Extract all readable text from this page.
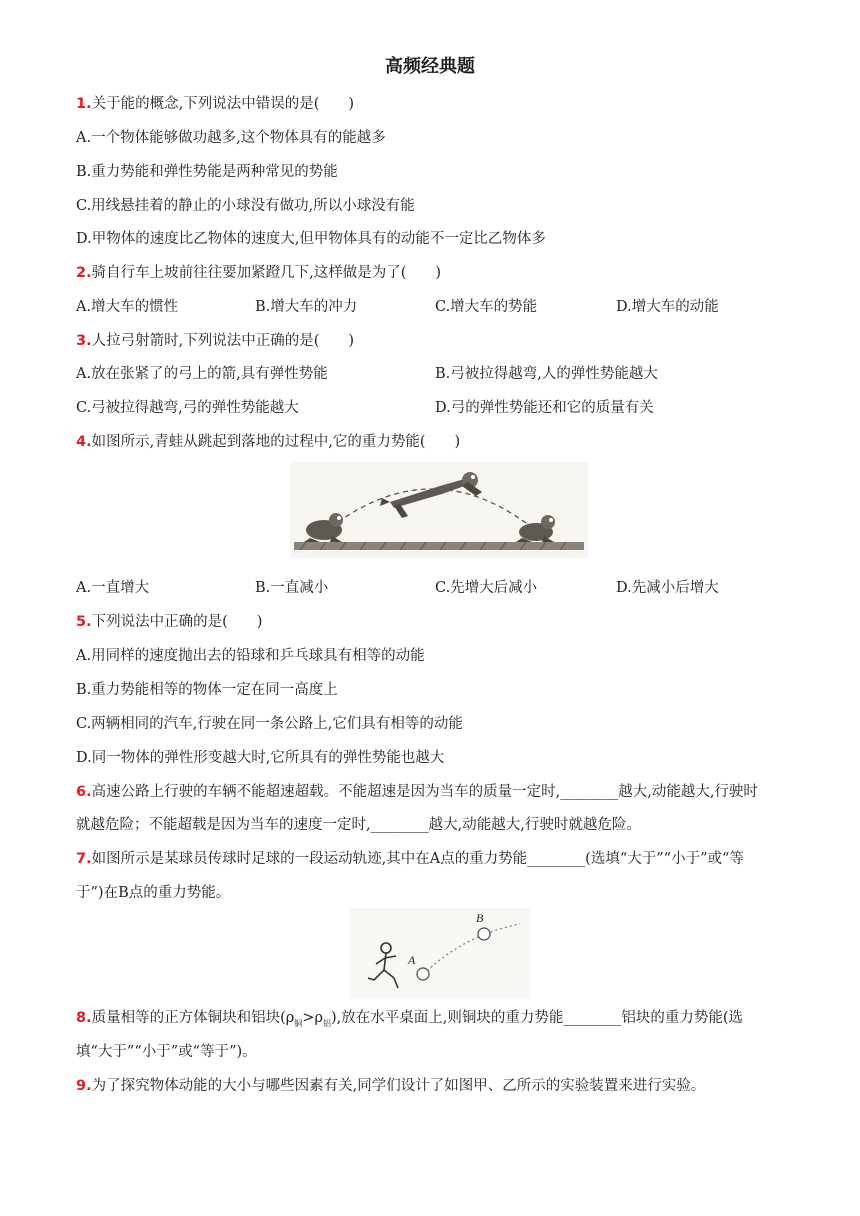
高频经典题
1.关于能的概念,下列说法中错误的是(　　)
A.一个物体能够做功越多,这个物体具有的能越多
B.重力势能和弹性势能是两种常见的势能
C.用线悬挂着的静止的小球没有做功,所以小球没有能
D.甲物体的速度比乙物体的速度大,但甲物体具有的动能不一定比乙物体多
2.骑自行车上坡前往往要加紧蹬几下,这样做是为了(　　)
A.增大车的惯性	B.增大车的冲力	C.增大车的势能	D.增大车的动能
3.人拉弓射箭时,下列说法中正确的是(　　)
A.放在张紧了的弓上的箭,具有弹性势能	B.弓被拉得越弯,人的弹性势能越大
C.弓被拉得越弯,弓的弹性势能越大	D.弓的弹性势能还和它的质量有关
4.如图所示,青蛙从跳起到落地的过程中,它的重力势能(　　)
A.一直增大	B.一直减小	C.先增大后减小	D.先减小后增大
5.下列说法中正确的是(　　)
A.用同样的速度抛出去的铅球和乒乓球具有相等的动能
B.重力势能相等的物体一定在同一高度上
C.两辆相同的汽车,行驶在同一条公路上,它们具有相等的动能
D.同一物体的弹性形变越大时,它所具有的弹性势能也越大
6.高速公路上行驶的车辆不能超速超载。不能超速是因为当车的质量一定时,________越大,动能越大,行驶时
就越危险；不能超载是因为当车的速度一定时,________越大,动能越大,行驶时就越危险。
7.如图所示是某球员传球时足球的一段运动轨迹,其中在A点的重力势能________(选填“大于”“小于”或“等
于”)在B点的重力势能。
A
B
8.质量相等的正方体铜块和铝块$(\rho_铜>\rho_铝)$,放在水平桌面上,则铜块的重力势能________铝块的重力势能(选
填“大于”“小于”或“等于”)。
9.为了探究物体动能的大小与哪些因素有关,同学们设计了如图甲、乙所示的实验装置来进行实验。
